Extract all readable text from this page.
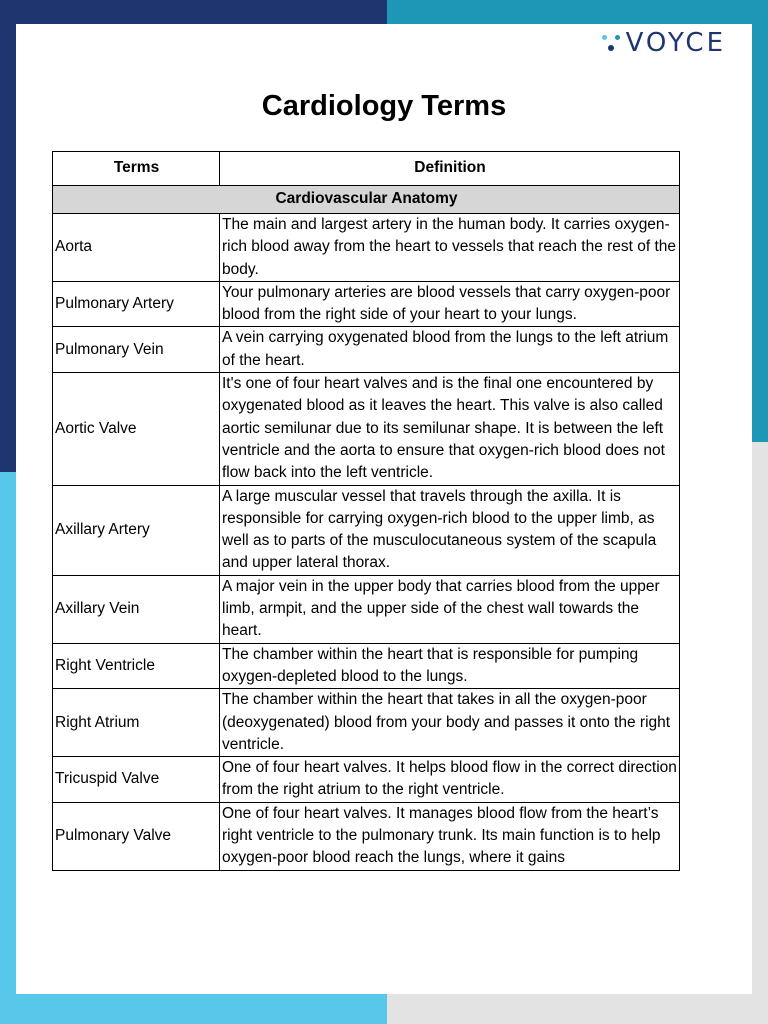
VOYCE
Cardiology Terms
Terms	Definition
Cardiovascular Anatomy	
Aorta	The main and largest artery in the human body. It carries oxygen-rich blood away from the heart to vessels that reach the rest of the body.
Pulmonary Artery	Your pulmonary arteries are blood vessels that carry oxygen-poor blood from the right side of your heart to your lungs.
Pulmonary Vein	A vein carrying oxygenated blood from the lungs to the left atrium of the heart.
Aortic Valve	It's one of four heart valves and is the final one encountered by oxygenated blood as it leaves the heart. This valve is also called aortic semilunar due to its semilunar shape. It is between the left ventricle and the aorta to ensure that oxygen-rich blood does not flow back into the left ventricle.
Axillary Artery	A large muscular vessel that travels through the axilla. It is responsible for carrying oxygen-rich blood to the upper limb, as well as to parts of the musculocutaneous system of the scapula and upper lateral thorax.
Axillary Vein	A major vein in the upper body that carries blood from the upper limb, armpit, and the upper side of the chest wall towards the heart.
Right Ventricle	The chamber within the heart that is responsible for pumping oxygen-depleted blood to the lungs.
Right Atrium	The chamber within the heart that takes in all the oxygen-poor (deoxygenated) blood from your body and passes it onto the right ventricle.
Tricuspid Valve	One of four heart valves. It helps blood flow in the correct direction from the right atrium to the right ventricle.
Pulmonary Valve	One of four heart valves. It manages blood flow from the heart’s right ventricle to the pulmonary trunk. Its main function is to help oxygen-poor blood reach the lungs, where it gains
